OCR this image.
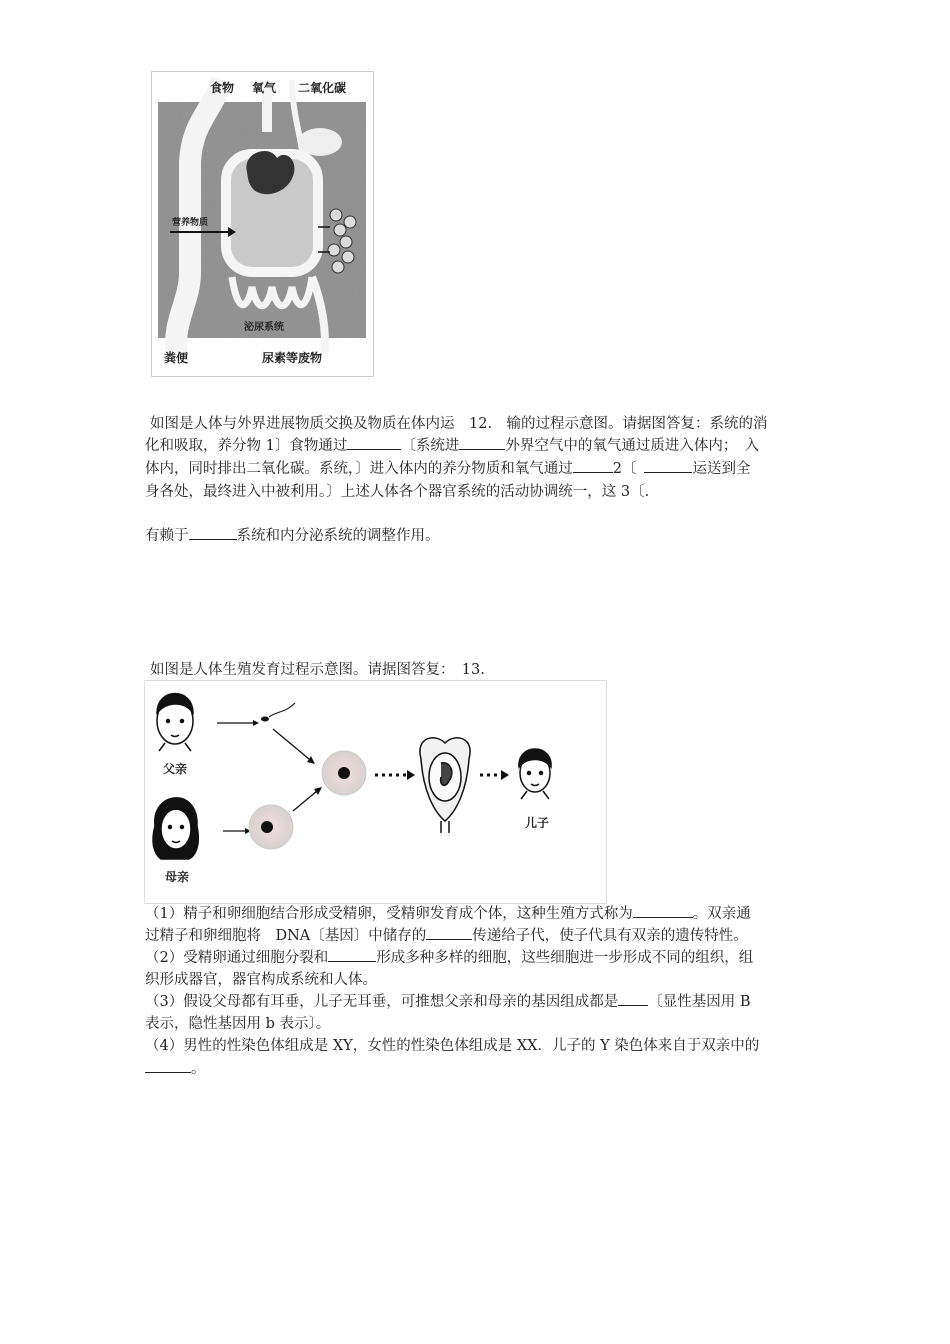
食物 氧气 二氧化碳
营养物质
泌尿系统
粪便	尿素等废物
如图是人体与外界进展物质交换及物质在体内运　12.　输的过程示意图。请据图答复：系统的消
化和吸取，养分物 1〕食物通过	〔系统进	外界空气中的氧气通过质进入体内；　入
体内，同时排出二氧化碳。系统，〕进入体内的养分物质和氧气通过	2〔	运送到全
身各处，最终进入中被利用。〕上述人体各个器官系统的活动协调统一，这 3〔.
有赖于	系统和内分泌系统的调整作用。
如图是人体生殖发育过程示意图。请据图答复：　13.
父亲
母亲
儿子
（1）精子和卵细胞结合形成受精卵，受精卵发育成个体，这种生殖方式称为	。双亲通
过精子和卵细胞将　DNA〔基因〕中储存的	传递给子代，使子代具有双亲的遗传特性。
（2）受精卵通过细胞分裂和	形成多种多样的细胞，这些细胞进一步形成不同的组织，组
织形成器官，器官构成系统和人体。
（3）假设父母都有耳垂，儿子无耳垂，可推想父亲和母亲的基因组成都是 〔显性基因用 B
表示，隐性基因用 b 表示〕。
（4）男性的性染色体组成是 XY，女性的性染色体组成是 XX．儿子的 Y 染色体来自于双亲中的
。
